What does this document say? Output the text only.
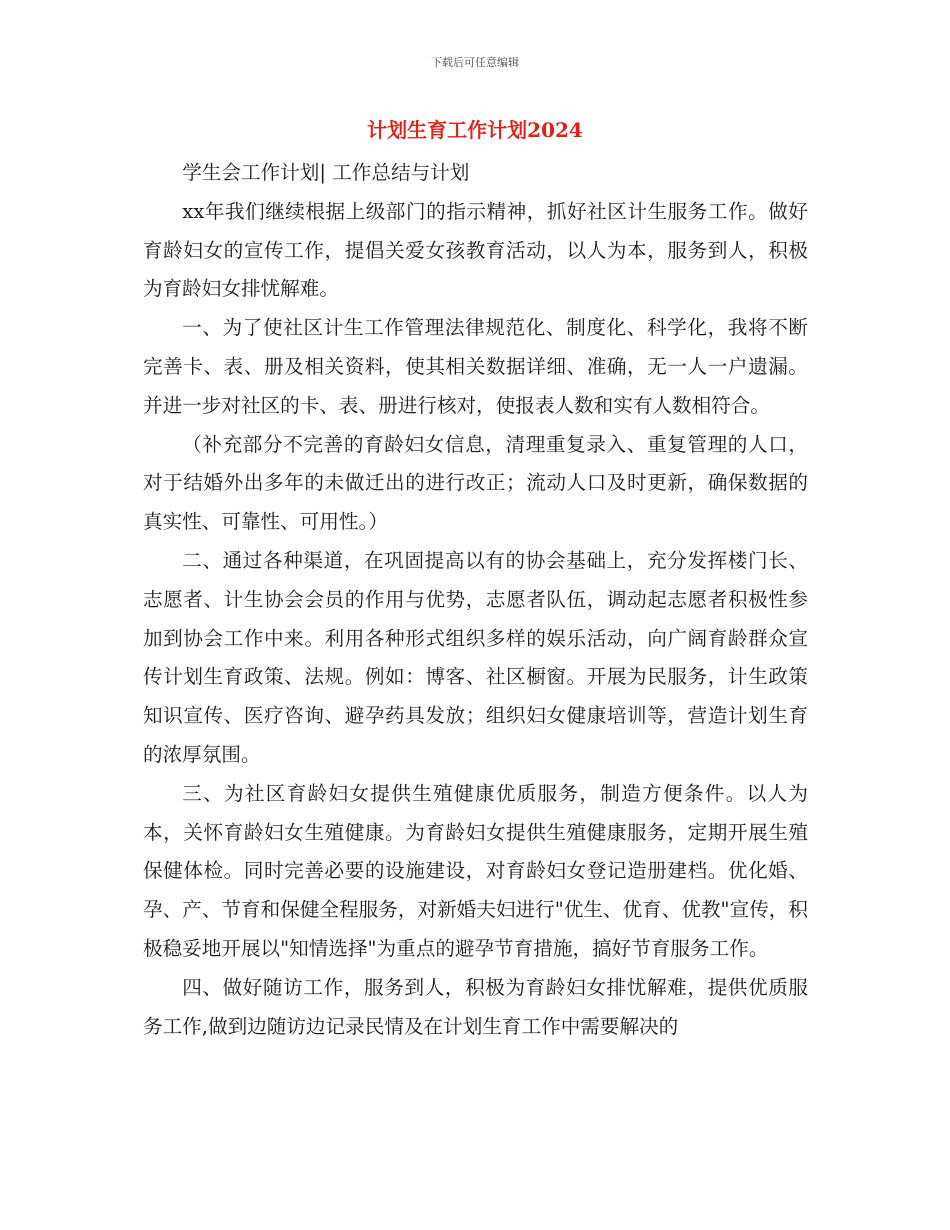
下载后可任意编辑
计划生育工作计划2024

学生会工作计划| 工作总结与计划

xx年我们继续根据上级部门的指示精神，抓好社区计生服务工作。做好育龄妇女的宣传工作，提倡关爱女孩教育活动，以人为本，服务到人，积极为育龄妇女排忧解难。

一、为了使社区计生工作管理法律规范化、制度化、科学化，我将不断完善卡、表、册及相关资料，使其相关数据详细、准确，无一人一户遗漏。并进一步对社区的卡、表、册进行核对，使报表人数和实有人数相符合。

（补充部分不完善的育龄妇女信息，清理重复录入、重复管理的人口，对于结婚外出多年的未做迁出的进行改正；流动人口及时更新，确保数据的真实性、可靠性、可用性。）

二、通过各种渠道，在巩固提高以有的协会基础上，充分发挥楼门长、志愿者、计生协会会员的作用与优势，志愿者队伍，调动起志愿者积极性参加到协会工作中来。利用各种形式组织多样的娱乐活动，向广阔育龄群众宣传计划生育政策、法规。例如：博客、社区橱窗。开展为民服务，计生政策知识宣传、医疗咨询、避孕药具发放；组织妇女健康培训等，营造计划生育的浓厚氛围。

三、为社区育龄妇女提供生殖健康优质服务，制造方便条件。以人为本，关怀育龄妇女生殖健康。为育龄妇女提供生殖健康服务，定期开展生殖保健体检。同时完善必要的设施建设，对育龄妇女登记造册建档。优化婚、孕、产、节育和保健全程服务，对新婚夫妇进行"优生、优育、优教"宣传，积极稳妥地开展以"知情选择"为重点的避孕节育措施，搞好节育服务工作。

四、做好随访工作，服务到人，积极为育龄妇女排忧解难，提供优质服务工作,做到边随访边记录民情及在计划生育工作中需要解决的
